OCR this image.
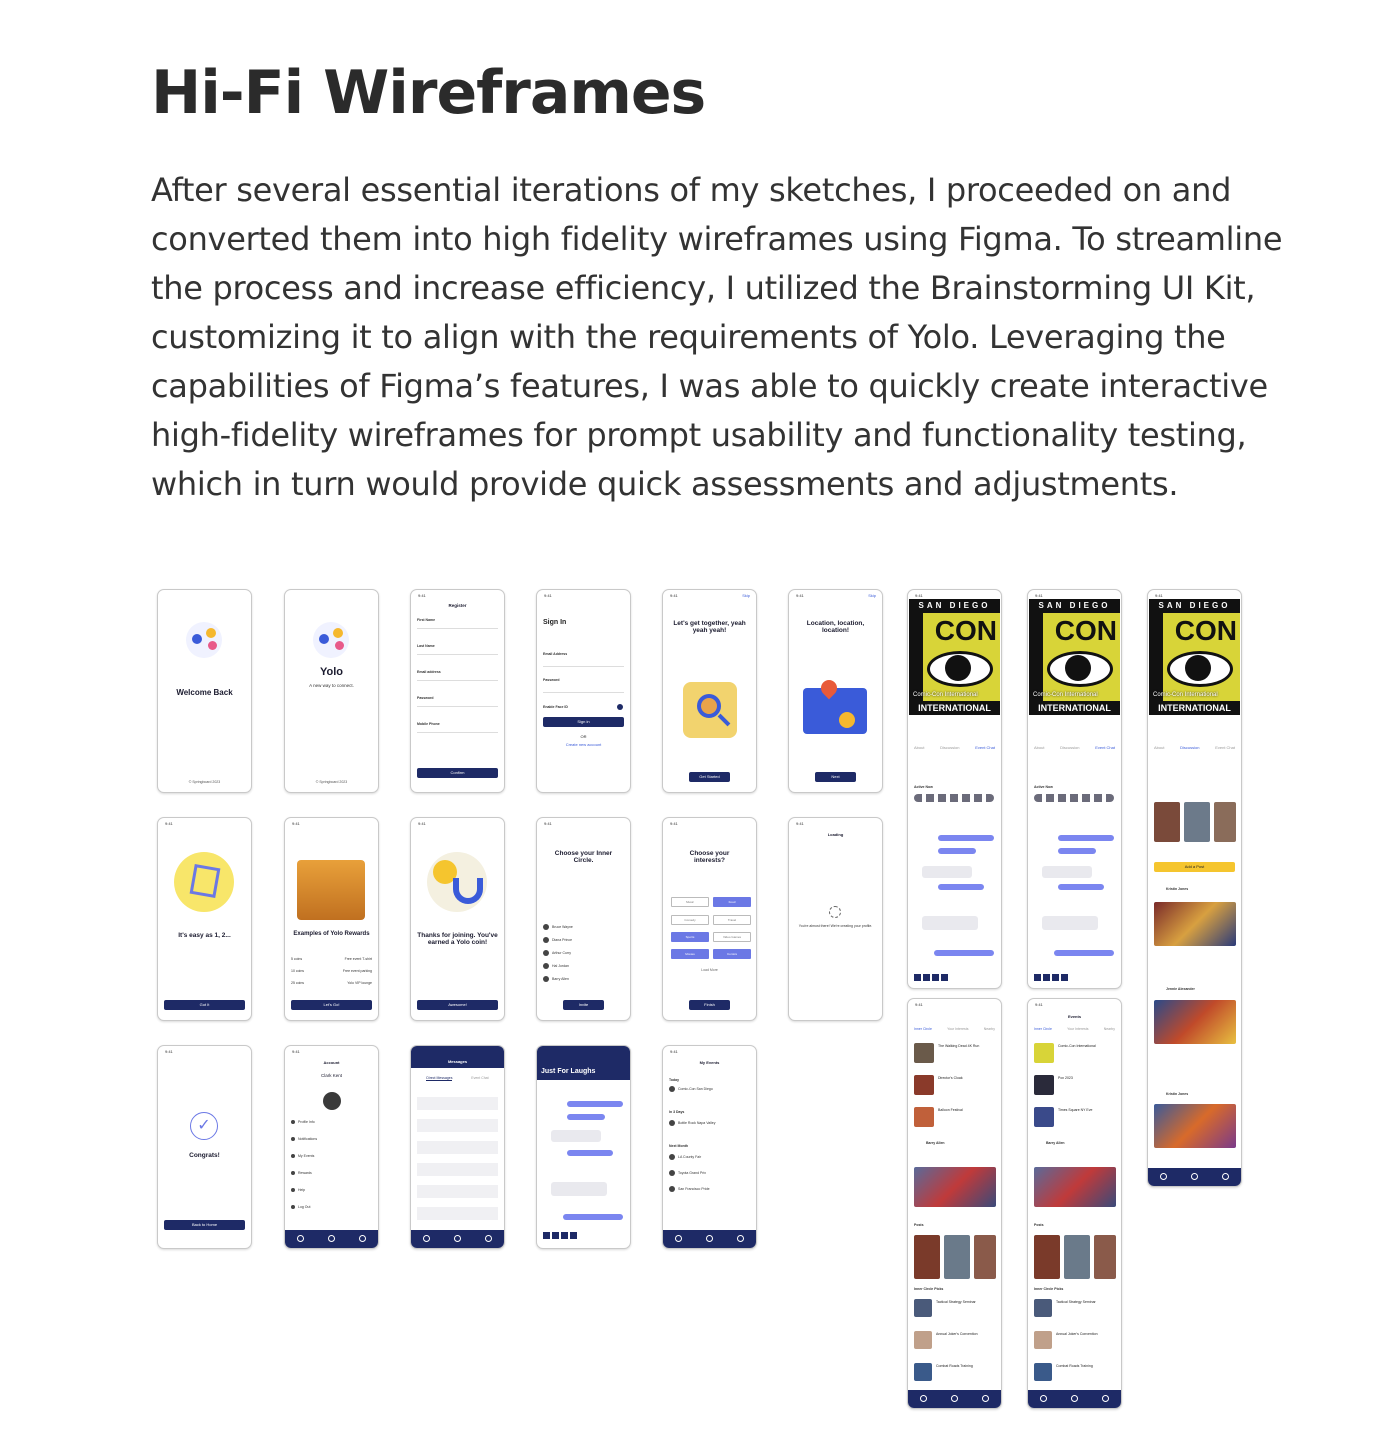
Hi-Fi Wireframes

After several essential iterations of my sketches, I proceeded on and converted them into high fidelity wireframes using Figma. To streamline the process and increase efficiency, I utilized the Brainstorming UI Kit, customizing it to align with the requirements of Yolo. Leveraging the capabilities of Figma’s features, I was able to quickly create interactive high-fidelity wireframes for prompt usability and functionality testing, which in turn would provide quick assessments and adjustments.

Welcome Back
© Springboard 2023
Yolo
A new way to connect.
© Springboard 2023
9:41
Register
First Name
Last Name
Email address
Password
Mobile Phone
Confirm
9:41
Sign In
Email Address
Password
Enable Face ID
Sign in
OR
Create new account
9:41	Skip
Let's get together, yeah yeah yeah!
Get Started
9:41	Skip
Location, location, location!
Next
9:41
SAN DIEGO
CON
Comic-Con International
INTERNATIONAL
About	Discussion	Event Chat
Active Now
9:41
SAN DIEGO
CON
Comic-Con International
INTERNATIONAL
About	Discussion	Event Chat
Active Now
9:41
SAN DIEGO
CON
Comic-Con International
INTERNATIONAL
About	Discussion	Event Chat
Add a Post
Kristin Jones
Jennie Alexander
Kristin Jones
9:41
It's easy as 1, 2...
Got It
9:41
Examples of Yolo Rewards
5 coins	Free event T-shirt
10 coins	Free event parking
25 coins	Yolo VIP lounge
Let's Go!
9:41
Thanks for joining. You've earned a Yolo coin!
Awesome!
9:41
Choose your Inner Circle.
Bruce Wayne
Diana Prince
Arthur Curry
Hal Jordan
Barry Allen
Invite
9:41
Choose your interests?
Music	Food
Comedy	Travel
Sports	Video Games
Movies	Comics
Load More
Finish
9:41
Loading
You're almost there! We're creating your profile.
9:41
Inner Circle	Your Interests	Nearby
The Walking Dead 4K Run
Director's Cloak
Balloon Festival
Barry Allen
Posts
Inner Circle Picks
Tactical Strategy Seminar
Annual Joker's Convention
Combat Roads Training
9:41
Events
Inner Circle	Your Interests	Nearby
Comic-Con International
Pox 2023
Times Square NY Eve
Barry Allen
Posts
Inner Circle Picks
Tactical Strategy Seminar
Annual Joker's Convention
Combat Roads Training
9:41
✓
Congrats!
Back to Home
9:41
Account
Clark Kent
Profile Info
Notifications
My Events
Rewards
Help
Log Out
Messages
Direct Messages	Event Chat
Just For Laughs
9:41
My Events
Today
Comic-Con San Diego
In 3 Days
Bottle Rock Napa Valley
Next Month
LA County Fair
Toyota Grand Prix
San Francisco Pride
